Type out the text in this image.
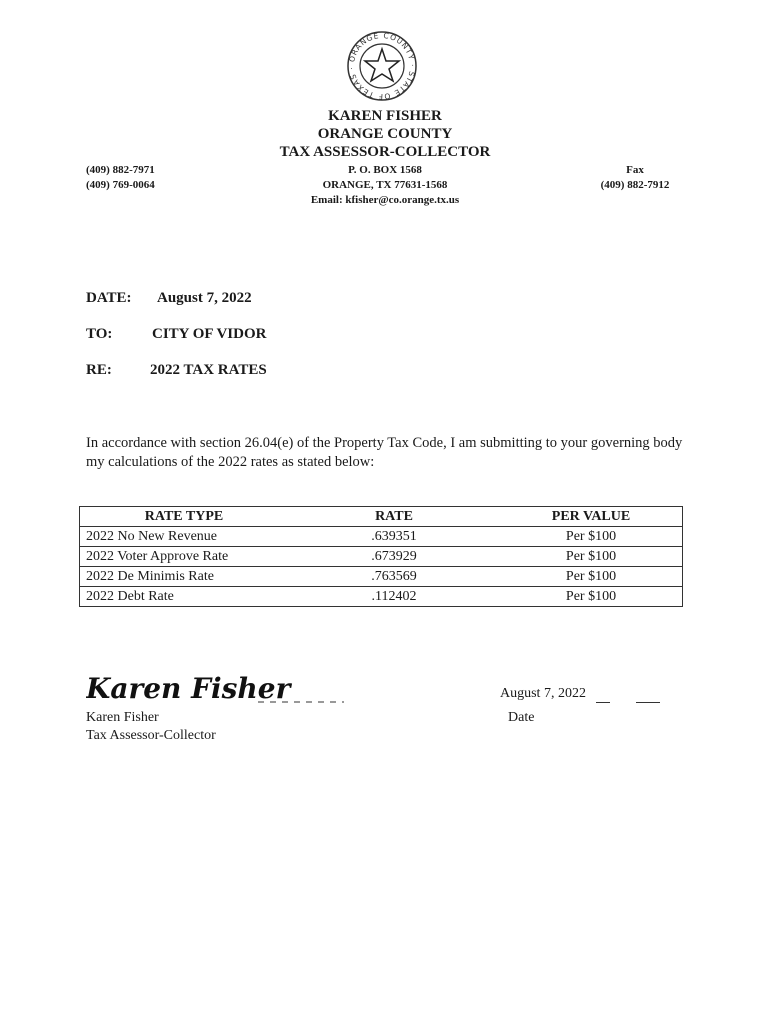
ORANGE COUNTY · STATE OF TEXAS ·
KAREN FISHER
ORANGE COUNTY
TAX ASSESSOR-COLLECTOR
(409) 882-7971
(409) 769-0064
P. O. BOX 1568
ORANGE, TX 77631-1568
Email: kfisher@co.orange.tx.us
Fax
(409) 882-7912
DATE: August 7, 2022
TO:	CITY OF VIDOR
RE:	2022 TAX RATES
In accordance with section 26.04(e) of the Property Tax Code, I am submitting to your governing body my calculations of the 2022 rates as stated below:
RATE TYPE	RATE	PER VALUE
2022 No New Revenue	.639351	Per $100
2022 Voter Approve Rate	.673929	Per $100
2022 De Minimis Rate	.763569	Per $100
2022 Debt Rate	.112402	Per $100
Karen Fisher
Karen Fisher
Tax Assessor-Collector
August 7, 2022
Date
